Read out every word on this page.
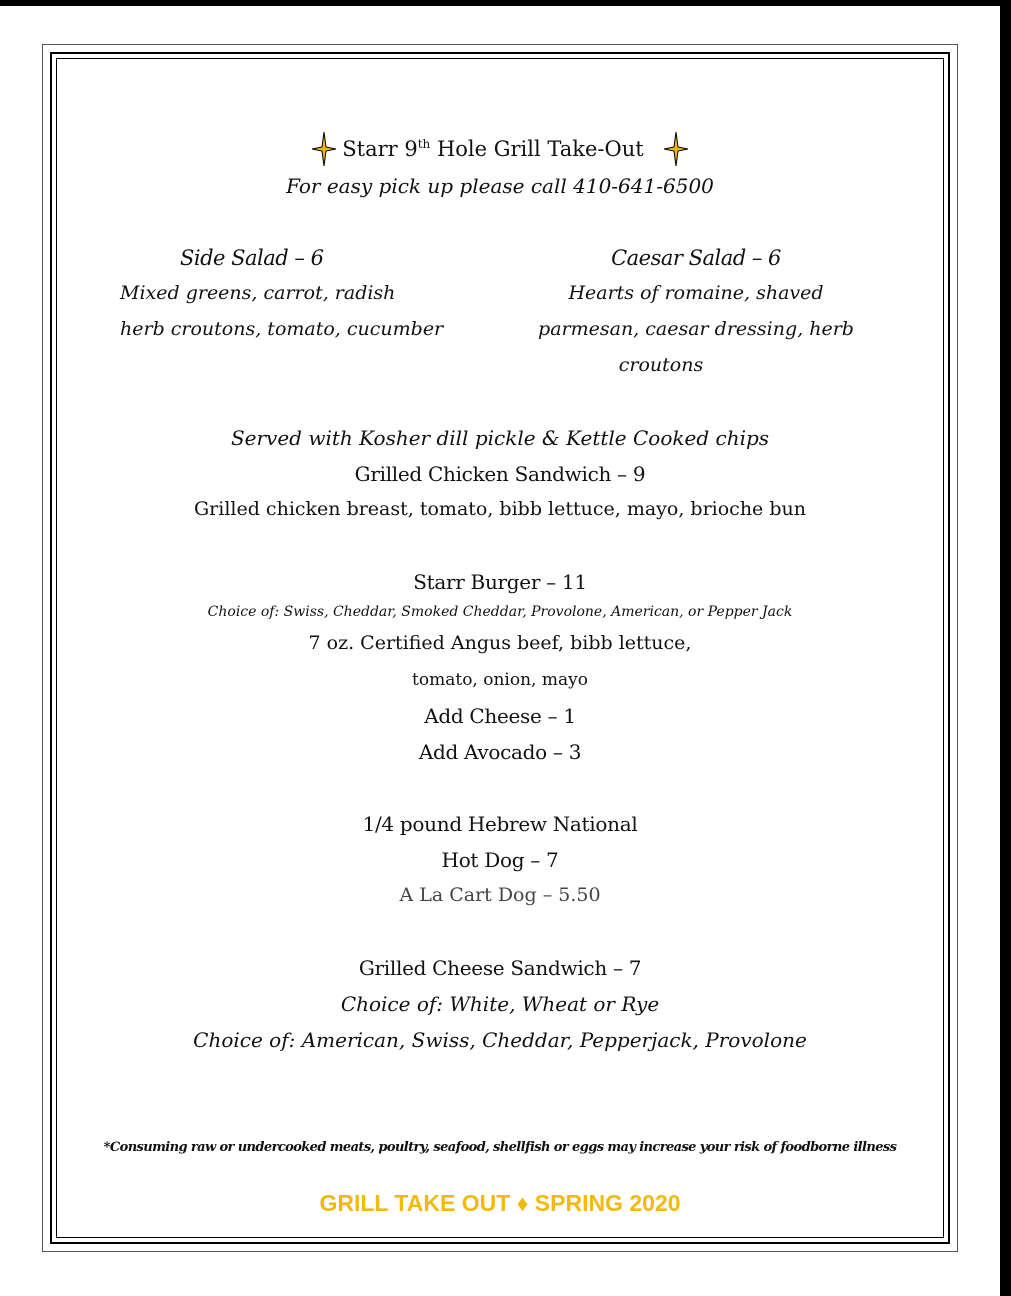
Starr 9th Hole Grill Take-Out
For easy pick up please call 410-641-6500
Side Salad – 6
Mixed greens, carrot, radish
herb croutons, tomato, cucumber
Caesar Salad – 6
Hearts of romaine, shaved
parmesan, caesar dressing, herb
croutons
Served with Kosher dill pickle & Kettle Cooked chips
Grilled Chicken Sandwich – 9
Grilled chicken breast, tomato, bibb lettuce, mayo, brioche bun
Starr Burger – 11
Choice of: Swiss, Cheddar, Smoked Cheddar, Provolone, American, or Pepper Jack
7 oz. Certified Angus beef, bibb lettuce,
tomato, onion, mayo
Add Cheese – 1
Add Avocado – 3
1/4 pound Hebrew National
Hot Dog – 7
A La Cart Dog – 5.50
Grilled Cheese Sandwich – 7
Choice of: White, Wheat or Rye
Choice of: American, Swiss, Cheddar, Pepperjack, Provolone
*Consuming raw or undercooked meats, poultry, seafood, shellfish or eggs may increase your risk of foodborne illness
GRILL TAKE OUT ♦ SPRING 2020
